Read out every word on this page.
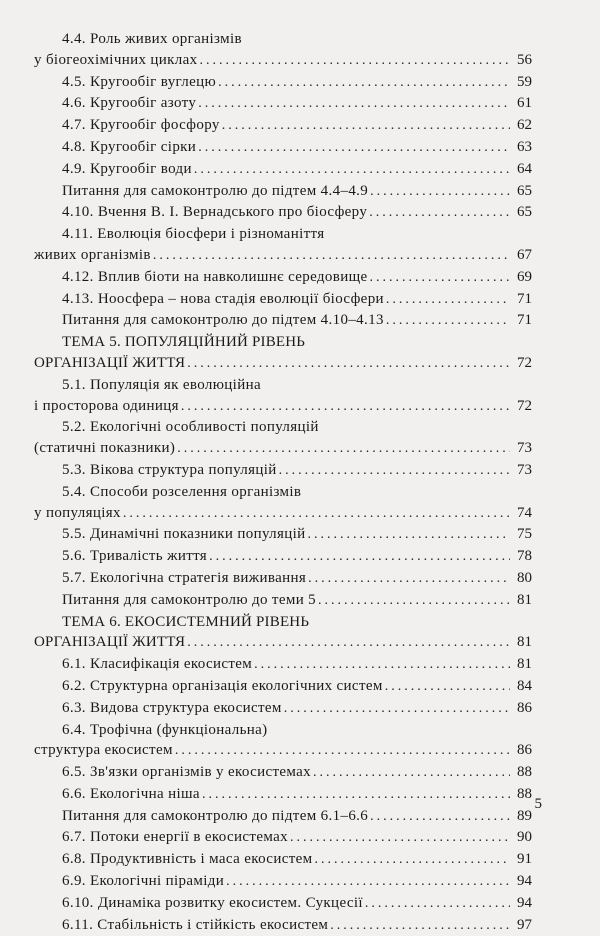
4.4. Роль живих організмів
у біогеохімічних циклах .....	56
4.5. Кругообіг вуглецю .....	59
4.6. Кругообіг азоту .....	61
4.7. Кругообіг фосфору .....	62
4.8. Кругообіг сірки .....	63
4.9. Кругообіг води .....	64
Питання для самоконтролю до підтем 4.4–4.9 .....	65
4.10. Вчення В. І. Вернадського про біосферу .....	65
4.11. Еволюція біосфери і різноманіття
живих організмів .....	67
4.12. Вплив біоти на навколишнє середовище .....	69
4.13. Ноосфера – нова стадія еволюції біосфери .....	71
Питання для самоконтролю до підтем 4.10–4.13 .....	71
ТЕМА 5. ПОПУЛЯЦІЙНИЙ РІВЕНЬ
ОРГАНІЗАЦІЇ ЖИТТЯ .....	72
5.1. Популяція як еволюційна
і просторова одиниця .....	72
5.2. Екологічні особливості популяцій
(статичні показники) .....	73
5.3. Вікова структура популяцій .....	73
5.4. Способи розселення організмів
у популяціях .....	74
5.5. Динамічні показники популяцій .....	75
5.6. Тривалість життя .....	78
5.7. Екологічна стратегія виживання .....	80
Питання для самоконтролю до теми 5 .....	81
ТЕМА 6. ЕКОСИСТЕМНИЙ РІВЕНЬ
ОРГАНІЗАЦІЇ ЖИТТЯ .....	81
6.1. Класифікація екосистем .....	81
6.2. Структурна організація екологічних систем .....	84
6.3. Видова структура екосистем .....	86
6.4. Трофічна (функціональна)
структура екосистем .....	86
6.5. Зв'язки організмів у екосистемах .....	88
6.6. Екологічна ніша .....	88
Питання для самоконтролю до підтем 6.1–6.6 .....	89
6.7. Потоки енергії в екосистемах .....	90
6.8. Продуктивність і маса екосистем .....	91
6.9. Екологічні піраміди .....	94
6.10. Динаміка розвитку екосистем. Сукцесії .....	94
6.11. Стабільність і стійкість екосистем .....	97
5
